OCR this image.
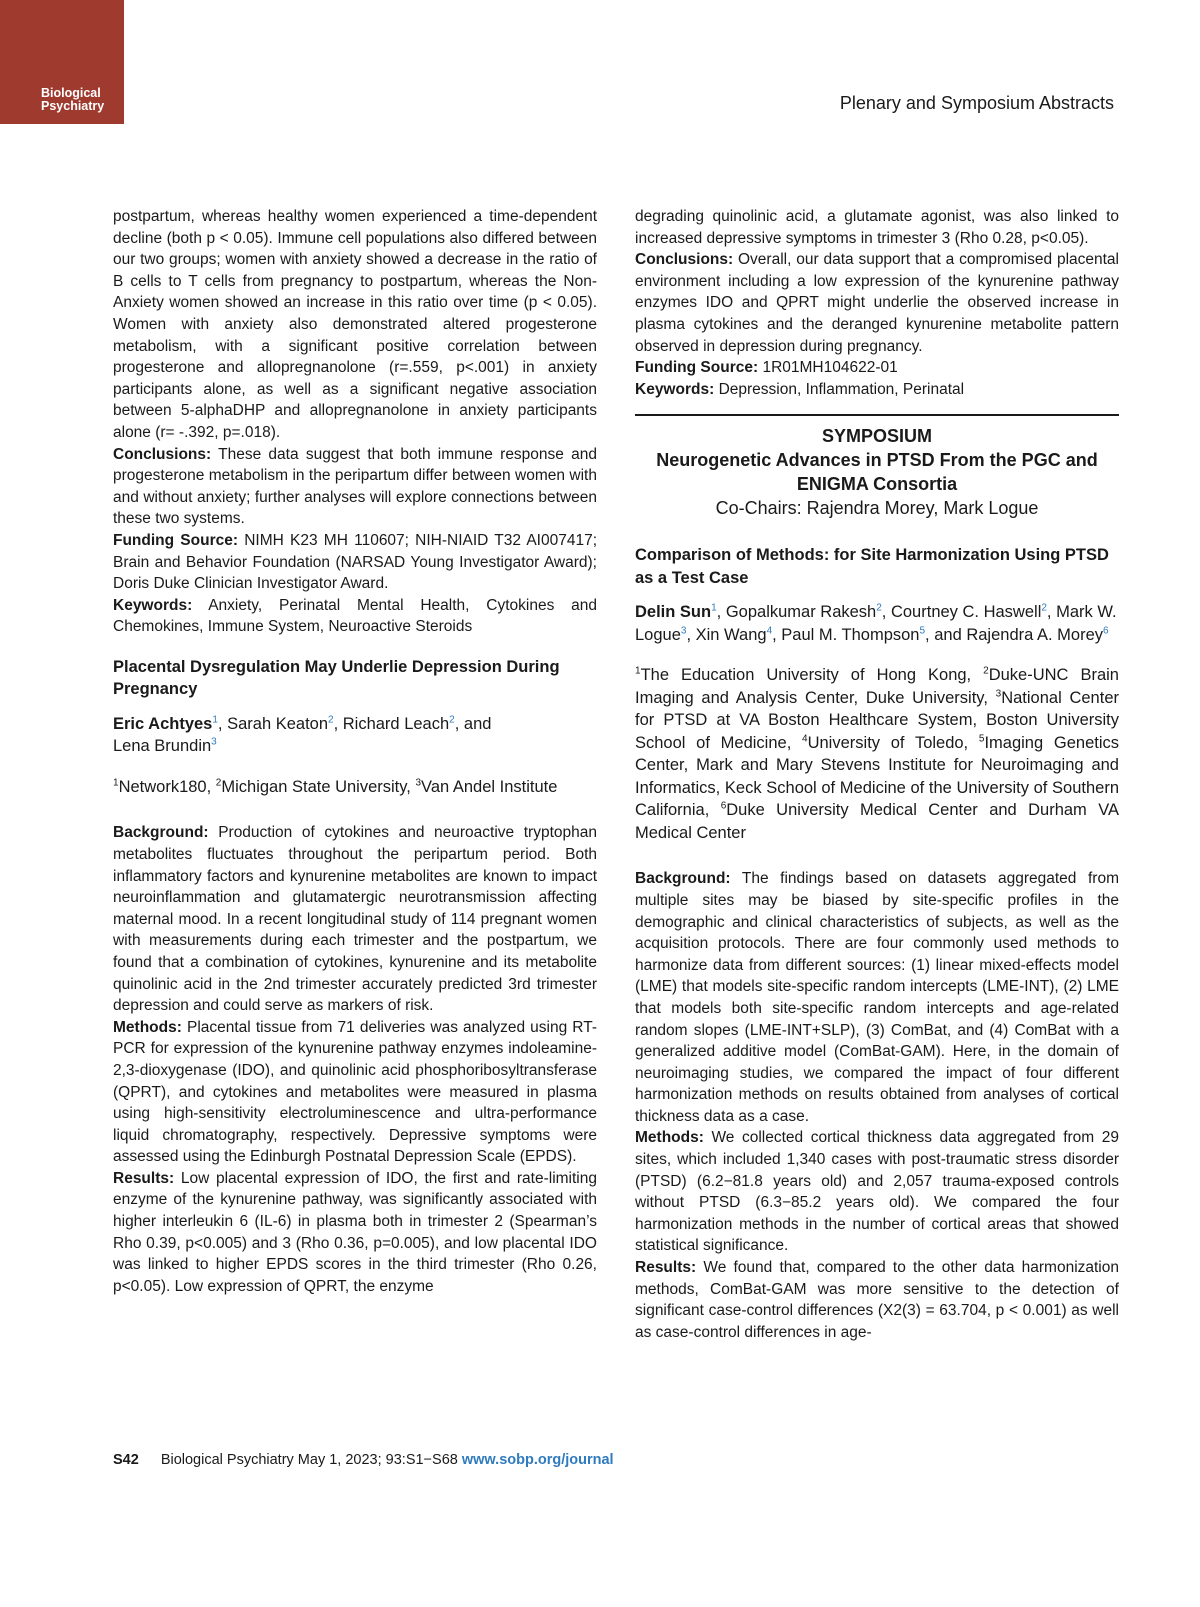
Biological
Psychiatry	Plenary and Symposium Abstracts

postpartum, whereas healthy women experienced a time-dependent decline (both p < 0.05). Immune cell populations also differed between our two groups; women with anxiety showed a decrease in the ratio of B cells to T cells from pregnancy to postpartum, whereas the Non-Anxiety women showed an increase in this ratio over time (p < 0.05). Women with anxiety also demonstrated altered progesterone metabolism, with a significant positive correlation between progesterone and allopregnanolone (r=.559, p<.001) in anxiety participants alone, as well as a significant negative association between 5-alphaDHP and allopregnanolone in anxiety participants alone (r= -.392, p=.018).

Conclusions: These data suggest that both immune response and progesterone metabolism in the peripartum differ between women with and without anxiety; further analyses will explore connections between these two systems.

Funding Source: NIMH K23 MH 110607; NIH-NIAID T32 AI007417; Brain and Behavior Foundation (NARSAD Young Investigator Award); Doris Duke Clinician Investigator Award.

Keywords: Anxiety, Perinatal Mental Health, Cytokines and Chemokines, Immune System, Neuroactive Steroids

Placental Dysregulation May Underlie Depression During Pregnancy

Eric Achtyes$^1$, Sarah Keaton$^2$, Richard Leach$^2$, and
Lena Brundin$^3$

$^1$Network180, $^2$Michigan State University, $^3$Van Andel Institute

Background: Production of cytokines and neuroactive tryptophan metabolites fluctuates throughout the peripartum period. Both inflammatory factors and kynurenine metabolites are known to impact neuroinflammation and glutamatergic neurotransmission affecting maternal mood. In a recent longitudinal study of 114 pregnant women with measurements during each trimester and the postpartum, we found that a combination of cytokines, kynurenine and its metabolite quinolinic acid in the 2nd trimester accurately predicted 3rd trimester depression and could serve as markers of risk.

Methods: Placental tissue from 71 deliveries was analyzed using RT-PCR for expression of the kynurenine pathway enzymes indoleamine-2,3-dioxygenase (IDO), and quinolinic acid phosphoribosyltransferase (QPRT), and cytokines and metabolites were measured in plasma using high-sensitivity electroluminescence and ultra-performance liquid chromatography, respectively. Depressive symptoms were assessed using the Edinburgh Postnatal Depression Scale (EPDS).

Results: Low placental expression of IDO, the first and rate-limiting enzyme of the kynurenine pathway, was significantly associated with higher interleukin 6 (IL-6) in plasma both in trimester 2 (Spearman’s Rho 0.39, p<0.005) and 3 (Rho 0.36, p=0.005), and low placental IDO was linked to higher EPDS scores in the third trimester (Rho 0.26, p<0.05). Low expression of QPRT, the enzyme

degrading quinolinic acid, a glutamate agonist, was also linked to increased depressive symptoms in trimester 3 (Rho 0.28, p<0.05).

Conclusions: Overall, our data support that a compromised placental environment including a low expression of the kynurenine pathway enzymes IDO and QPRT might underlie the observed increase in plasma cytokines and the deranged kynurenine metabolite pattern observed in depression during pregnancy.

Funding Source: 1R01MH104622-01

Keywords: Depression, Inflammation, Perinatal

SYMPOSIUM

Neurogenetic Advances in PTSD From the PGC and ENIGMA Consortia

Co-Chairs: Rajendra Morey, Mark Logue

Comparison of Methods: for Site Harmonization Using PTSD as a Test Case

Delin Sun$^1$, Gopalkumar Rakesh$^2$, Courtney C. Haswell$^2$, Mark W. Logue$^3$, Xin Wang$^4$, Paul M. Thompson$^5$, and Rajendra A. Morey$^6$

$^1$The Education University of Hong Kong, $^2$Duke-UNC Brain Imaging and Analysis Center, Duke University, $^3$National Center for PTSD at VA Boston Healthcare System, Boston University School of Medicine, $^4$University of Toledo, $^5$Imaging Genetics Center, Mark and Mary Stevens Institute for Neuroimaging and Informatics, Keck School of Medicine of the University of Southern California, $^6$Duke University Medical Center and Durham VA Medical Center

Background: The findings based on datasets aggregated from multiple sites may be biased by site-specific profiles in the demographic and clinical characteristics of subjects, as well as the acquisition protocols. There are four commonly used methods to harmonize data from different sources: (1) linear mixed-effects model (LME) that models site-specific random intercepts (LME-INT), (2) LME that models both site-specific random intercepts and age-related random slopes (LME-INT+SLP), (3) ComBat, and (4) ComBat with a generalized additive model (ComBat-GAM). Here, in the domain of neuroimaging studies, we compared the impact of four different harmonization methods on results obtained from analyses of cortical thickness data as a case.

Methods: We collected cortical thickness data aggregated from 29 sites, which included 1,340 cases with post-traumatic stress disorder (PTSD) (6.2−81.8 years old) and 2,057 trauma-exposed controls without PTSD (6.3−85.2 years old). We compared the four harmonization methods in the number of cortical areas that showed statistical significance.

Results: We found that, compared to the other data harmonization methods, ComBat-GAM was more sensitive to the detection of significant case-control differences (X2(3) = 63.704, p < 0.001) as well as case-control differences in age-

S42 Biological Psychiatry May 1, 2023; 93:S1−S68 www.sobp.org/journal
